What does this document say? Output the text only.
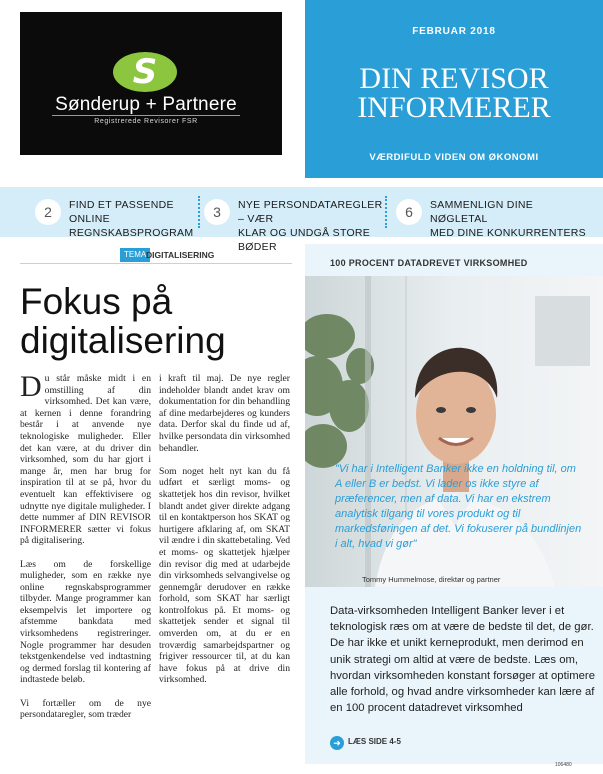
S
Sønderup + Partnere
Registrerede Revisorer FSR
FEBRUAR 2018
DIN REVISOR
INFORMERER
VÆRDIFULD VIDEN OM ØKONOMI
2	FIND ET PASSENDE ONLINE
REGNSKABSPROGRAM
3	NYE PERSONDATAREGLER – VÆR
KLAR OG UNDGÅ STORE BØDER
6	SAMMENLIGN DINE NØGLETAL
MED DINE KONKURRENTERS
TEMA DIGITALISERING
Fokus på
digitalisering

Du står måske midt i en omstilling af din virksomhed. Det kan være, at kernen i denne forandring består i at anvende nye teknologiske muligheder. Eller det kan være, at du driver din virksomhed, som du har gjort i mange år, men har brug for inspiration til at se på, hvor du eventuelt kan effektivisere og udnytte nye digitale muligheder. I dette nummer af DIN REVISOR INFORMERER sætter vi fokus på digitalisering.

Læs om de forskellige muligheder, som en række nye online regnskabsprogrammer tilbyder. Mange programmer kan eksempelvis let importere og afstemme bankdata med virksomhedens registreringer. Nogle programmer har desuden tekstgenkendelse ved indtastning og dermed forslag til kontering af indtastede beløb.

Vi fortæller om de nye persondataregler, som træder

i kraft til maj. De nye regler indeholder blandt andet krav om dokumentation for din behandling af dine medarbejderes og kunders data. Derfor skal du finde ud af, hvilke persondata din virksomhed behandler.

Som noget helt nyt kan du få udført et særligt moms- og skattetjek hos din revisor, hvilket blandt andet giver direkte adgang til en kontaktperson hos SKAT og hurtigere afklaring af, om SKAT vil ændre i din skattebetaling. Ved et moms- og skattetjek hjælper din revisor dig med at udarbejde din virksomheds selvangivelse og gennemgår derudover en række forhold, som SKAT har særligt kontrolfokus på. Et moms- og skattetjek sender et signal til omverden om, at du er en troværdig samarbejdspartner og frigiver ressourcer til, at du kan have fokus på at drive din virksomhed.

100 PROCENT DATADREVET VIRKSOMHED
"Vi har i Intelligent Banker ikke en holdning til, om A eller B er bedst. Vi lader os ikke styre af præferencer, men af data. Vi har en ekstrem analytisk tilgang til vores produkt og til markedsføringen af det. Vi fokuserer på bundlinjen i alt, hvad vi gør"
Tommy Hummelmose, direktør og partner
Data-virksomheden Intelligent Banker lever i et teknologisk ræs om at være de bedste til det, de gør. De har ikke et unikt kerneprodukt, men derimod en unik strategi om altid at være de bedste. Læs om, hvordan virksomheden konstant forsøger at optimere alle forhold, og hvad andre virksomheder kan lære af en 100 procent datadrevet virksomhed
➜ LÆS SIDE 4-5
106480
